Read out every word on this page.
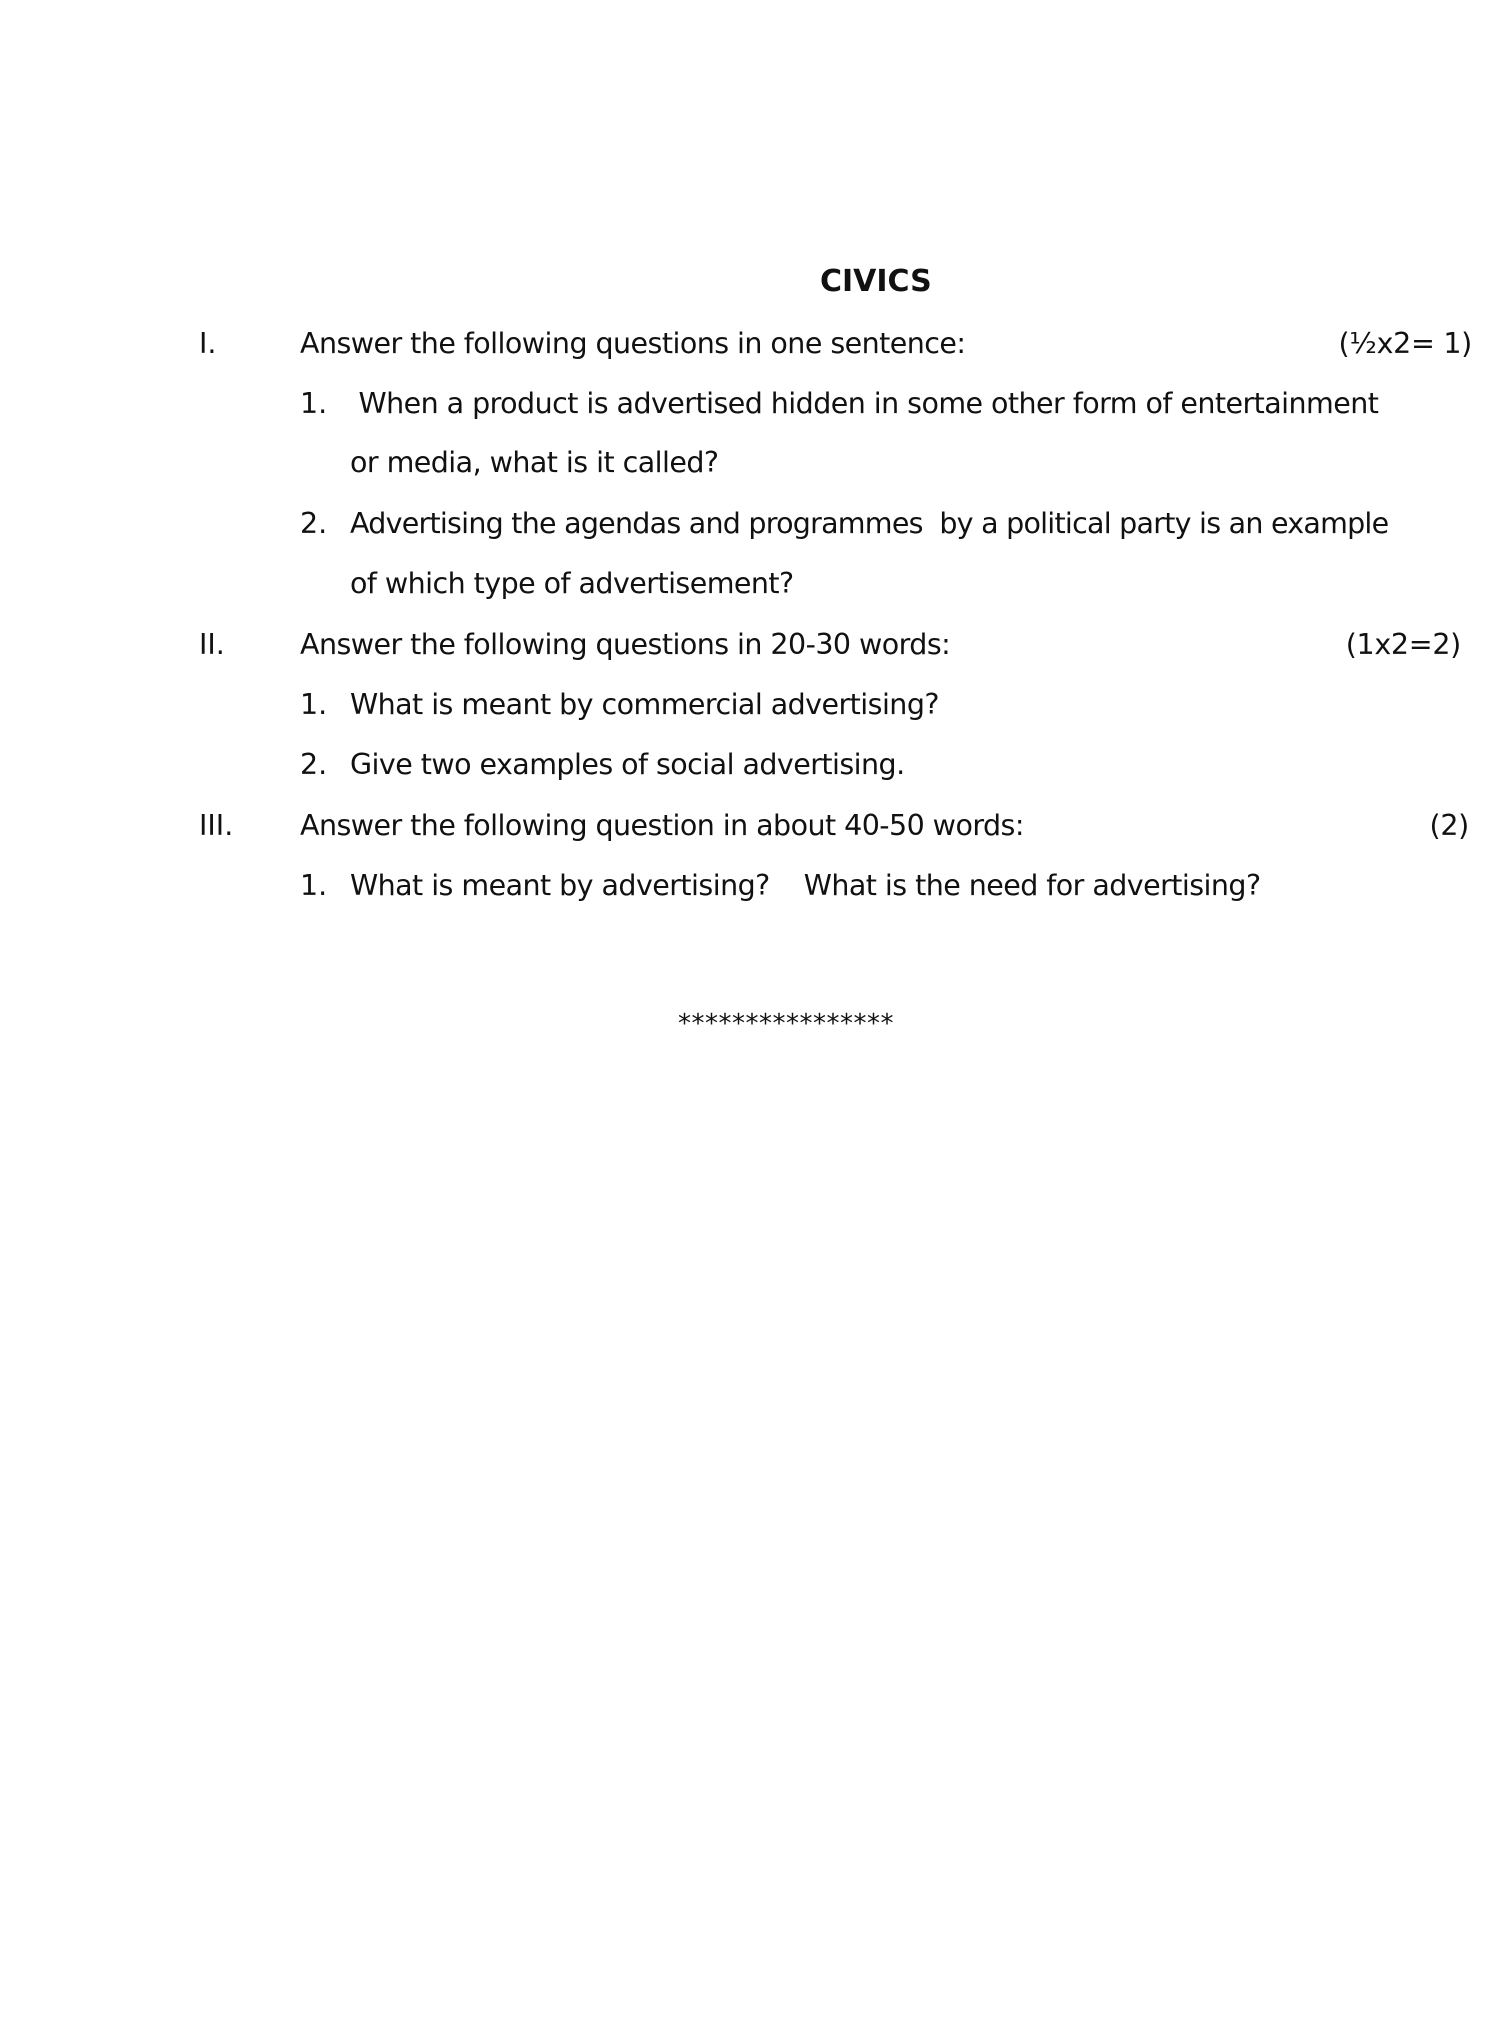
CIVICS
I.	Answer the following questions in one sentence:	(½x2= 1)
1. When a product is advertised hidden in some other form of entertainment
or media, what is it called?
2. Advertising the agendas and programmes  by a political party is an example
of which type of advertisement?
II.	Answer the following questions in 20-30 words:	(1x2=2)
1. What is meant by commercial advertising?
2. Give two examples of social advertising.
III. Answer the following question in about 40-50 words:	(2)
1. What is meant by advertising?    What is the need for advertising?
****************
